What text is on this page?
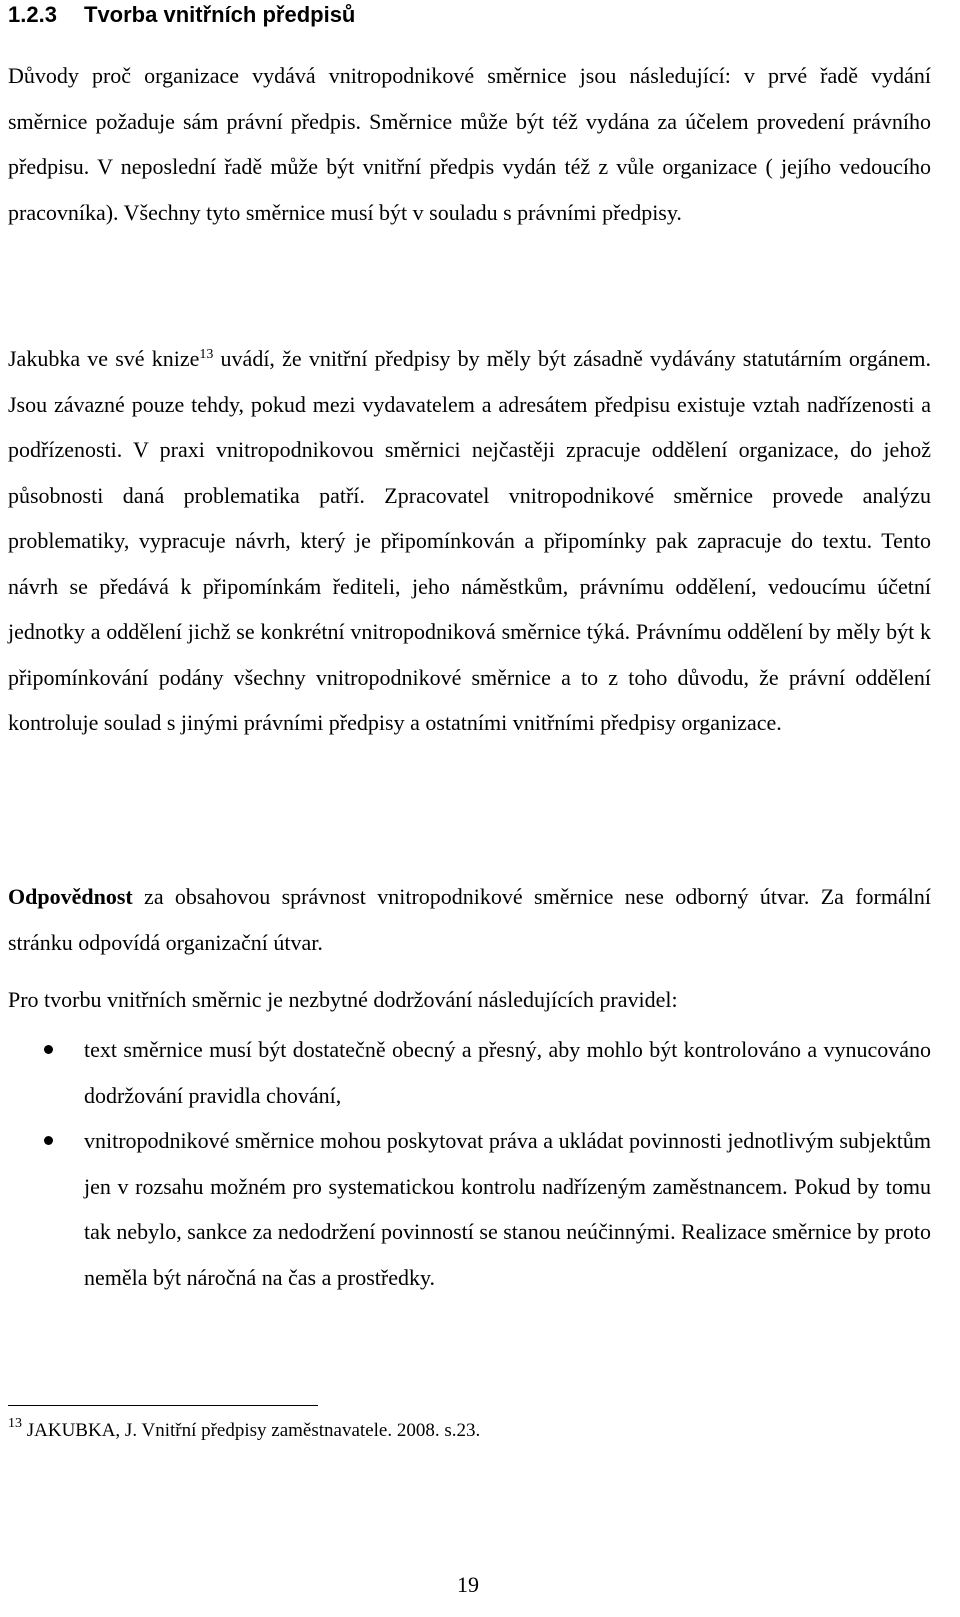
1.2.3 Tvorba vnitřních předpisů

Důvody proč organizace vydává vnitropodnikové směrnice jsou následující: v prvé řadě vydání směrnice požaduje sám právní předpis. Směrnice může být též vydána za účelem provedení právního předpisu. V neposlední řadě může být vnitřní předpis vydán též z vůle organizace ( jejího vedoucího pracovníka). Všechny tyto směrnice musí být v souladu s právními předpisy.

Jakubka ve své knize$^{13}$ uvádí, že vnitřní předpisy by měly být zásadně vydávány statutárním orgánem. Jsou závazné pouze tehdy, pokud mezi vydavatelem a adresátem předpisu existuje vztah nadřízenosti a podřízenosti. V praxi vnitropodnikovou směrnici nejčastěji zpracuje oddělení organizace, do jehož působnosti daná problematika patří. Zpracovatel vnitropodnikové směrnice provede analýzu problematiky, vypracuje návrh, který je připomínkován a připomínky pak zapracuje do textu. Tento návrh se předává k připomínkám řediteli, jeho náměstkům, právnímu oddělení, vedoucímu účetní jednotky a oddělení jichž se konkrétní vnitropodniková směrnice týká. Právnímu oddělení by měly být k připomínkování podány všechny vnitropodnikové směrnice a to z toho důvodu, že právní oddělení kontroluje soulad s jinými právními předpisy a ostatními vnitřními předpisy organizace.

Odpovědnost za obsahovou správnost vnitropodnikové směrnice nese odborný útvar. Za formální stránku odpovídá organizační útvar.

Pro tvorbu vnitřních směrnic je nezbytné dodržování následujících pravidel:

text směrnice musí být dostatečně obecný a přesný, aby mohlo být kontrolováno a vynucováno dodržování pravidla chování,

vnitropodnikové směrnice mohou poskytovat práva a ukládat povinnosti jednotlivým subjektům jen v rozsahu možném pro systematickou kontrolu nadřízeným zaměstnancem. Pokud by tomu tak nebylo, sankce za nedodržení povinností se stanou neúčinnými. Realizace směrnice by proto neměla být náročná na čas a prostředky.

$^{13}$ JAKUBKA, J. Vnitřní předpisy zaměstnavatele. 2008. s.23.
19
